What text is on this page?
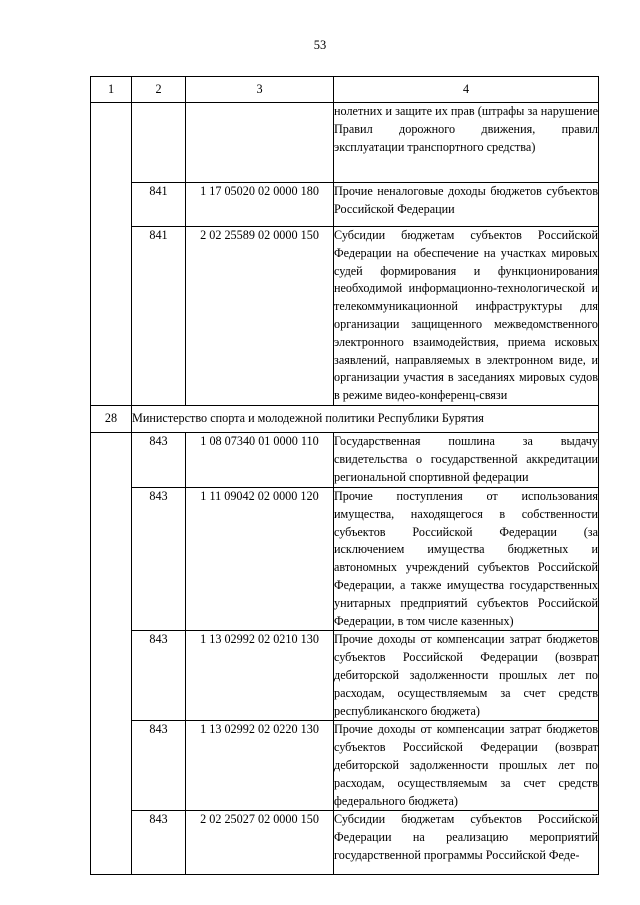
53
1	2	3	4
			нолетних и защите их прав (штрафы за нарушение Правил дорожного движения, правил эксплуатации транспортного средства)
	841	1 17 05020 02 0000 180	Прочие неналоговые доходы бюджетов субъектов Российской Федерации
	841	2 02 25589 02 0000 150	Субсидии бюджетам субъектов Российской Федерации на обеспечение на участках мировых судей формирования и функционирования необходимой информационно-технологической и телекоммуникационной инфраструктуры для организации защищенного межведомственного электронного взаимодействия, приема исковых заявлений, направляемых в электронном виде, и организации участия в заседаниях мировых судов в режиме видео-конференц-связи
28	Министерство спорта и молодежной политики Республики Бурятия		
	843	1 08 07340 01 0000 110	Государственная пошлина за выдачу свидетельства о государственной аккредитации региональной спортивной федерации
	843	1 11 09042 02 0000 120	Прочие поступления от использования имущества, находящегося в собственности субъектов Российской Федерации (за исключением имущества бюджетных и автономных учреждений субъектов Российской Федерации, а также имущества государственных унитарных предприятий субъектов Российской Федерации, в том числе казенных)
	843	1 13 02992 02 0210 130	Прочие доходы от компенсации затрат бюджетов субъектов Российской Федерации (возврат дебиторской задолженности прошлых лет по расходам, осуществляемым за счет средств республиканского бюджета)
	843	1 13 02992 02 0220 130	Прочие доходы от компенсации затрат бюджетов субъектов Российской Федерации (возврат дебиторской задолженности прошлых лет по расходам, осуществляемым за счет средств федерального бюджета)
	843	2 02 25027 02 0000 150	Субсидии бюджетам субъектов Российской Федерации на реализацию мероприятий государственной программы Российской Феде-
